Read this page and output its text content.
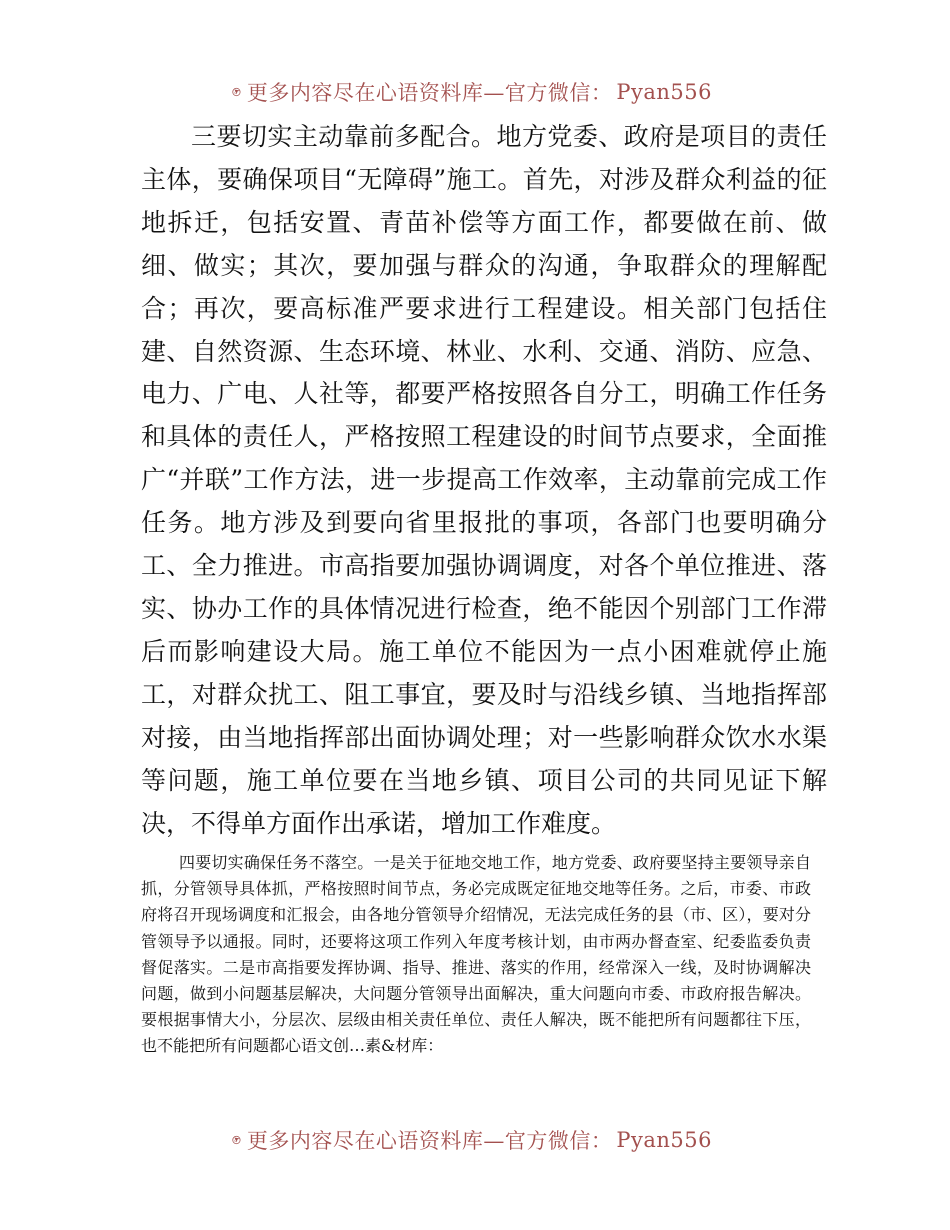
更多内容尽在心语资料库—官方微信： Pyan556

三要切实主动靠前多配合。地方党委、政府是项目的责任主体，要确保项目“无障碍”施工。首先，对涉及群众利益的征地拆迁，包括安置、青苗补偿等方面工作，都要做在前、做细、做实；其次，要加强与群众的沟通，争取群众的理解配合；再次，要高标准严要求进行工程建设。相关部门包括住建、自然资源、生态环境、林业、水利、交通、消防、应急、电力、广电、人社等，都要严格按照各自分工，明确工作任务和具体的责任人，严格按照工程建设的时间节点要求，全面推广“并联”工作方法，进一步提高工作效率，主动靠前完成工作任务。地方涉及到要向省里报批的事项，各部门也要明确分工、全力推进。市高指要加强协调调度，对各个单位推进、落实、协办工作的具体情况进行检查，绝不能因个别部门工作滞后而影响建设大局。施工单位不能因为一点小困难就停止施工，对群众扰工、阻工事宜，要及时与沿线乡镇、当地指挥部对接，由当地指挥部出面协调处理；对一些影响群众饮水水渠等问题，施工单位要在当地乡镇、项目公司的共同见证下解决，不得单方面作出承诺，增加工作难度。

四要切实确保任务不落空。一是关于征地交地工作，地方党委、政府要坚持主要领导亲自抓，分管领导具体抓，严格按照时间节点，务必完成既定征地交地等任务。之后，市委、市政府将召开现场调度和汇报会，由各地分管领导介绍情况，无法完成任务的县（市、区），要对分管领导予以通报。同时，还要将这项工作列入年度考核计划，由市两办督查室、纪委监委负责督促落实。二是市高指要发挥协调、指导、推进、落实的作用，经常深入一线，及时协调解决问题，做到小问题基层解决，大问题分管领导出面解决，重大问题向市委、市政府报告解决。要根据事情大小，分层次、层级由相关责任单位、责任人解决，既不能把所有问题都往下压，也不能把所有问题都心语文创…素&材库：

更多内容尽在心语资料库—官方微信： Pyan556
